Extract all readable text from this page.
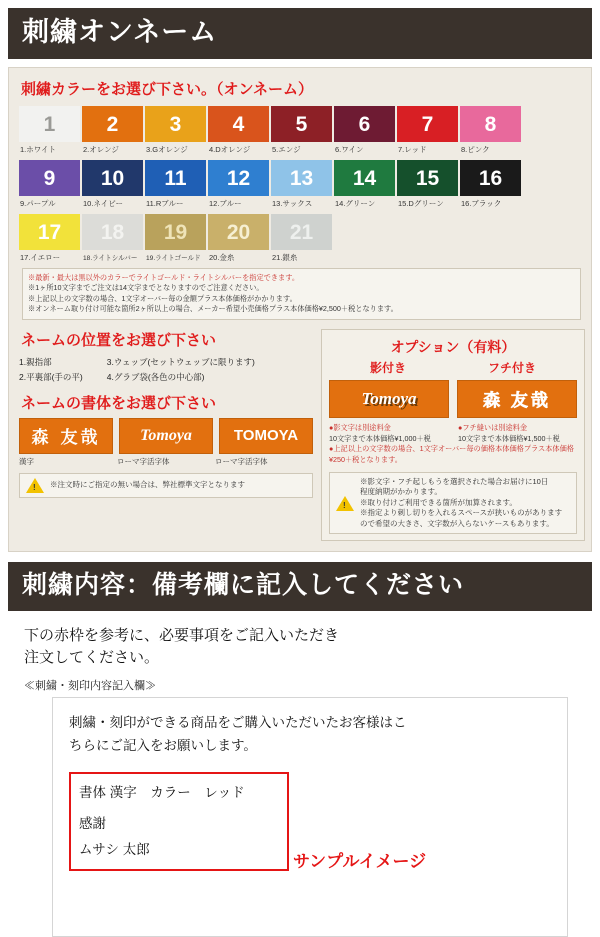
刺繍オンネーム
刺繍カラーをお選び下さい。（オンネーム）
1
1.ホワイト
2
2.オレンジ
3
3.Gオレンジ
4
4.Dオレンジ
5
5.エンジ
6
6.ワイン
7
7.レッド
8
8.ピンク
9
9.パープル
10
10.ネイビー
11
11.Rブルー
12
12.ブルー
13
13.サックス
14
14.グリーン
15
15.Dグリーン
16
16.ブラック
17
17.イエロー
18
18.ライトシルバー
19
19.ライトゴールド
20
20.金糸
21
21.銀糸
※最新・最大は黒以外のカラーでライトゴールド・ライトシルバーを指定できます。
※1ヶ所10文字までご注文は14文字までとなりますのでご注意ください。
※上記以上の文字数の場合、1文字オーバー毎の金額プラス本体価格がかかります。
※オンネーム取り付け可能な箇所2ヶ所以上の場合、メーカー希望小売価格プラス本体価格¥2,500＋税となります。
ネームの位置をお選び下さい
1.親指部
2.平裏部(手の平)
3.ウェッブ(セットウェッブに限ります)
4.グラブ袋(各色の中心部)
ネームの書体をお選び下さい
森 友哉 Tomoya	TOMOYA
漢字	ローマ字活字体	ローマ字活字体
!
※注文時にご指定の無い場合は、弊社標準文字となります
オプション（有料）
影付き	フチ付き
Tomoya	森 友哉
●影文字は別途料金
10文字まで本体価格¥1,000＋税
●フチ縫いは別途料金
10文字まで本体価格¥1,500＋税
●上記以上の文字数の場合、1文字オーバー毎の価格本体価格プラス本体価格¥250＋税となります。
!
※影文字・フチ起しもうを選択された場合お届けに10日
程度納期がかかります。
※取り付けご利用できる箇所が加算されます。
※指定より刺し切りを入れるスペースが狭いものがあります
ので希望の大きさ、文字数が入らないケースもあります。
刺繍内容：備考欄に記入してください
下の赤枠を参考に、必要事項をご記入いただき
注文してください。
≪刺繍・刻印内容記入欄≫
刺繍・刻印ができる商品をご購入いただいたお客様はこ
ちらにご記入をお願いします。
書体 漢字　カラー　レッド
感謝
ムサシ 太郎
サンプルイメージ
